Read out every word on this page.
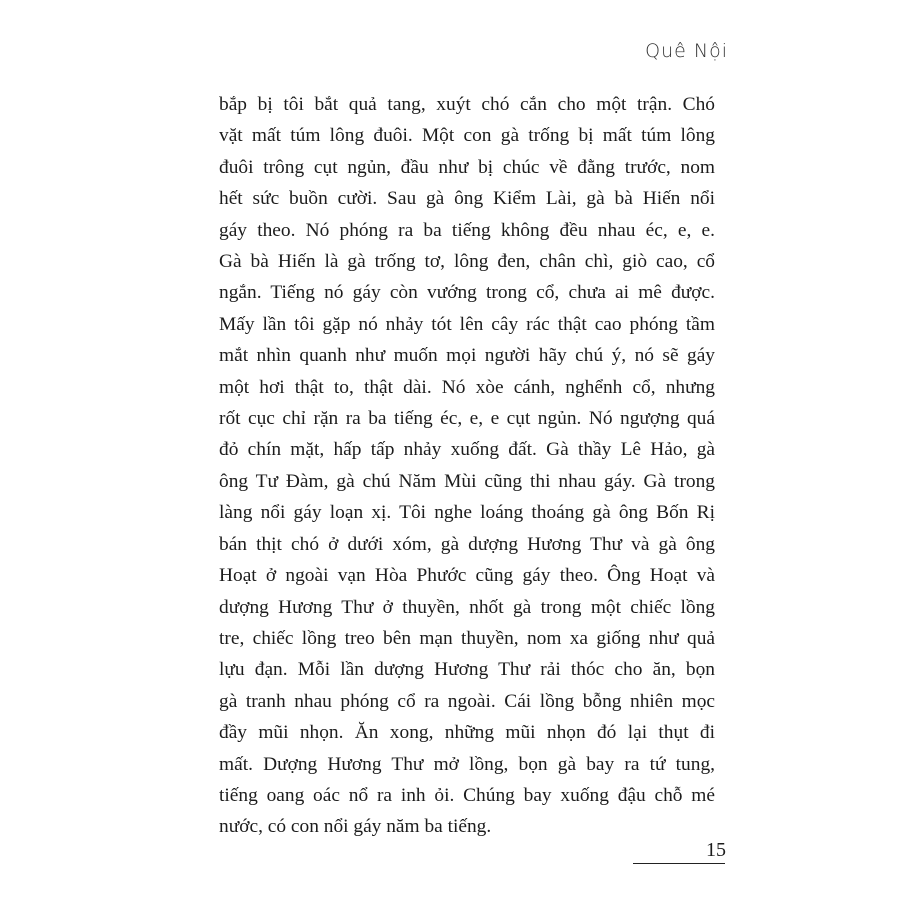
Quê Nội
bắp bị tôi bắt quả tang, xuýt chó cắn cho một trận. Chó
vặt mất túm lông đuôi. Một con gà trống bị mất túm lông
đuôi trông cụt ngủn, đầu như bị chúc về đằng trước, nom
hết sức buồn cười. Sau gà ông Kiểm Lài, gà bà Hiến nổi
gáy theo. Nó phóng ra ba tiếng không đều nhau éc, e, e.
Gà bà Hiến là gà trống tơ, lông đen, chân chì, giò cao, cổ
ngắn. Tiếng nó gáy còn vướng trong cổ, chưa ai mê được.
Mấy lần tôi gặp nó nhảy tót lên cây rác thật cao phóng tầm
mắt nhìn quanh như muốn mọi người hãy chú ý, nó sẽ gáy
một hơi thật to, thật dài. Nó xòe cánh, nghểnh cổ, nhưng
rốt cục chỉ rặn ra ba tiếng éc, e, e cụt ngủn. Nó ngượng quá
đỏ chín mặt, hấp tấp nhảy xuống đất. Gà thầy Lê Hảo, gà
ông Tư Đàm, gà chú Năm Mùi cũng thi nhau gáy. Gà trong
làng nổi gáy loạn xị. Tôi nghe loáng thoáng gà ông Bốn Rị
bán thịt chó ở dưới xóm, gà dượng Hương Thư và gà ông
Hoạt ở ngoài vạn Hòa Phước cũng gáy theo. Ông Hoạt và
dượng Hương Thư ở thuyền, nhốt gà trong một chiếc lồng
tre, chiếc lồng treo bên mạn thuyền, nom xa giống như quả
lựu đạn. Mỗi lần dượng Hương Thư rải thóc cho ăn, bọn
gà tranh nhau phóng cổ ra ngoài. Cái lồng bỗng nhiên mọc
đầy mũi nhọn. Ăn xong, những mũi nhọn đó lại thụt đi
mất. Dượng Hương Thư mở lồng, bọn gà bay ra tứ tung,
tiếng oang oác nổ ra inh ỏi. Chúng bay xuống đậu chỗ mé
nước, có con nổi gáy năm ba tiếng.
15
